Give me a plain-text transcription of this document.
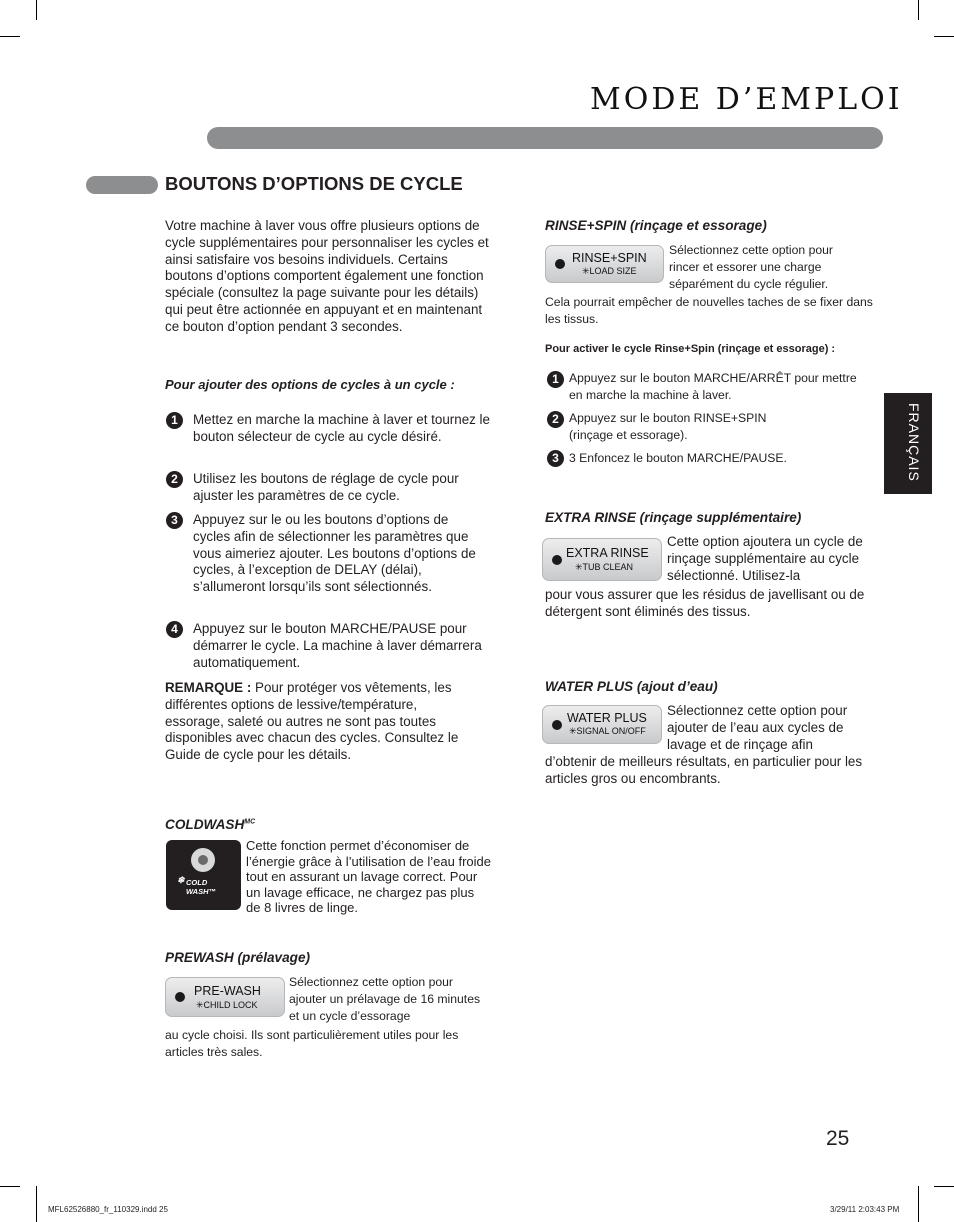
MODE D’EMPLOI
BOUTONS D’OPTIONS DE CYCLE
FRANÇAIS
Votre machine à laver vous offre plusieurs options de cycle supplémentaires pour personnaliser les cycles et ainsi satisfaire vos besoins individuels. Certains boutons d’options comportent également une fonction spéciale (consultez la page suivante pour les détails) qui peut être actionnée en appuyant et en maintenant ce bouton d’option pendant 3 secondes.
Pour ajouter des options de cycles à un cycle :
1	Mettez en marche la machine à laver et tournez le bouton sélecteur de cycle au cycle désiré.
2	Utilisez les boutons de réglage de cycle pour ajuster les paramètres de ce cycle.
3	Appuyez sur le ou les boutons d’options de cycles afin de sélectionner les paramètres que vous aimeriez ajouter. Les boutons d’options de cycles, à l’exception de DELAY (délai), s’allumeront lorsqu’ils sont sélectionnés.
4	Appuyez sur le bouton MARCHE/PAUSE pour démarrer le cycle. La machine à laver démarrera automatiquement.
REMARQUE : Pour protéger vos vêtements, les différentes options de lessive/température, essorage, saleté ou autres ne sont pas toutes disponibles avec chacun des cycles. Consultez le Guide de cycle pour les détails.
$COLDWASH^{MC}$
❄ COLD
WASH™
Cette fonction permet d’économiser de l’énergie grâce à l’utilisation de l’eau froide tout en assurant un lavage correct. Pour un lavage efficace, ne chargez pas plus de 8 livres de linge.
PREWASH (prélavage)
PRE-WASH
✳CHILD LOCK
Sélectionnez cette option pour ajouter un prélavage de 16 minutes et un cycle d’essorage
au cycle choisi. Ils sont particulièrement utiles pour les articles très sales.
RINSE+SPIN (rinçage et essorage)
RINSE+SPIN
✳LOAD SIZE
Sélectionnez cette option pour rincer et essorer une charge séparément du cycle régulier.
Cela pourrait empêcher de nouvelles taches de se fixer dans les tissus.
Pour activer le cycle Rinse+Spin (rinçage et essorage) :
1 Appuyez sur le bouton MARCHE/ARRÊT pour mettre en marche la machine à laver.
2 Appuyez sur le bouton RINSE+SPIN (rinçage et essorage).
3 3 Enfoncez le bouton MARCHE/PAUSE.
EXTRA RINSE (rinçage supplémentaire)
EXTRA RINSE
✳TUB CLEAN
Cette option ajoutera un cycle de rinçage supplémentaire au cycle sélectionné. Utilisez-la
pour vous assurer que les résidus de javellisant ou de détergent sont éliminés des tissus.
WATER PLUS (ajout d’eau)
WATER PLUS
✳SIGNAL ON/OFF
Sélectionnez cette option pour ajouter de l’eau aux cycles de lavage et de rinçage afin
d’obtenir de meilleurs résultats, en particulier pour les articles gros ou encombrants.
25
MFL62526880_fr_110329.indd 25	3/29/11 2:03:43 PM
